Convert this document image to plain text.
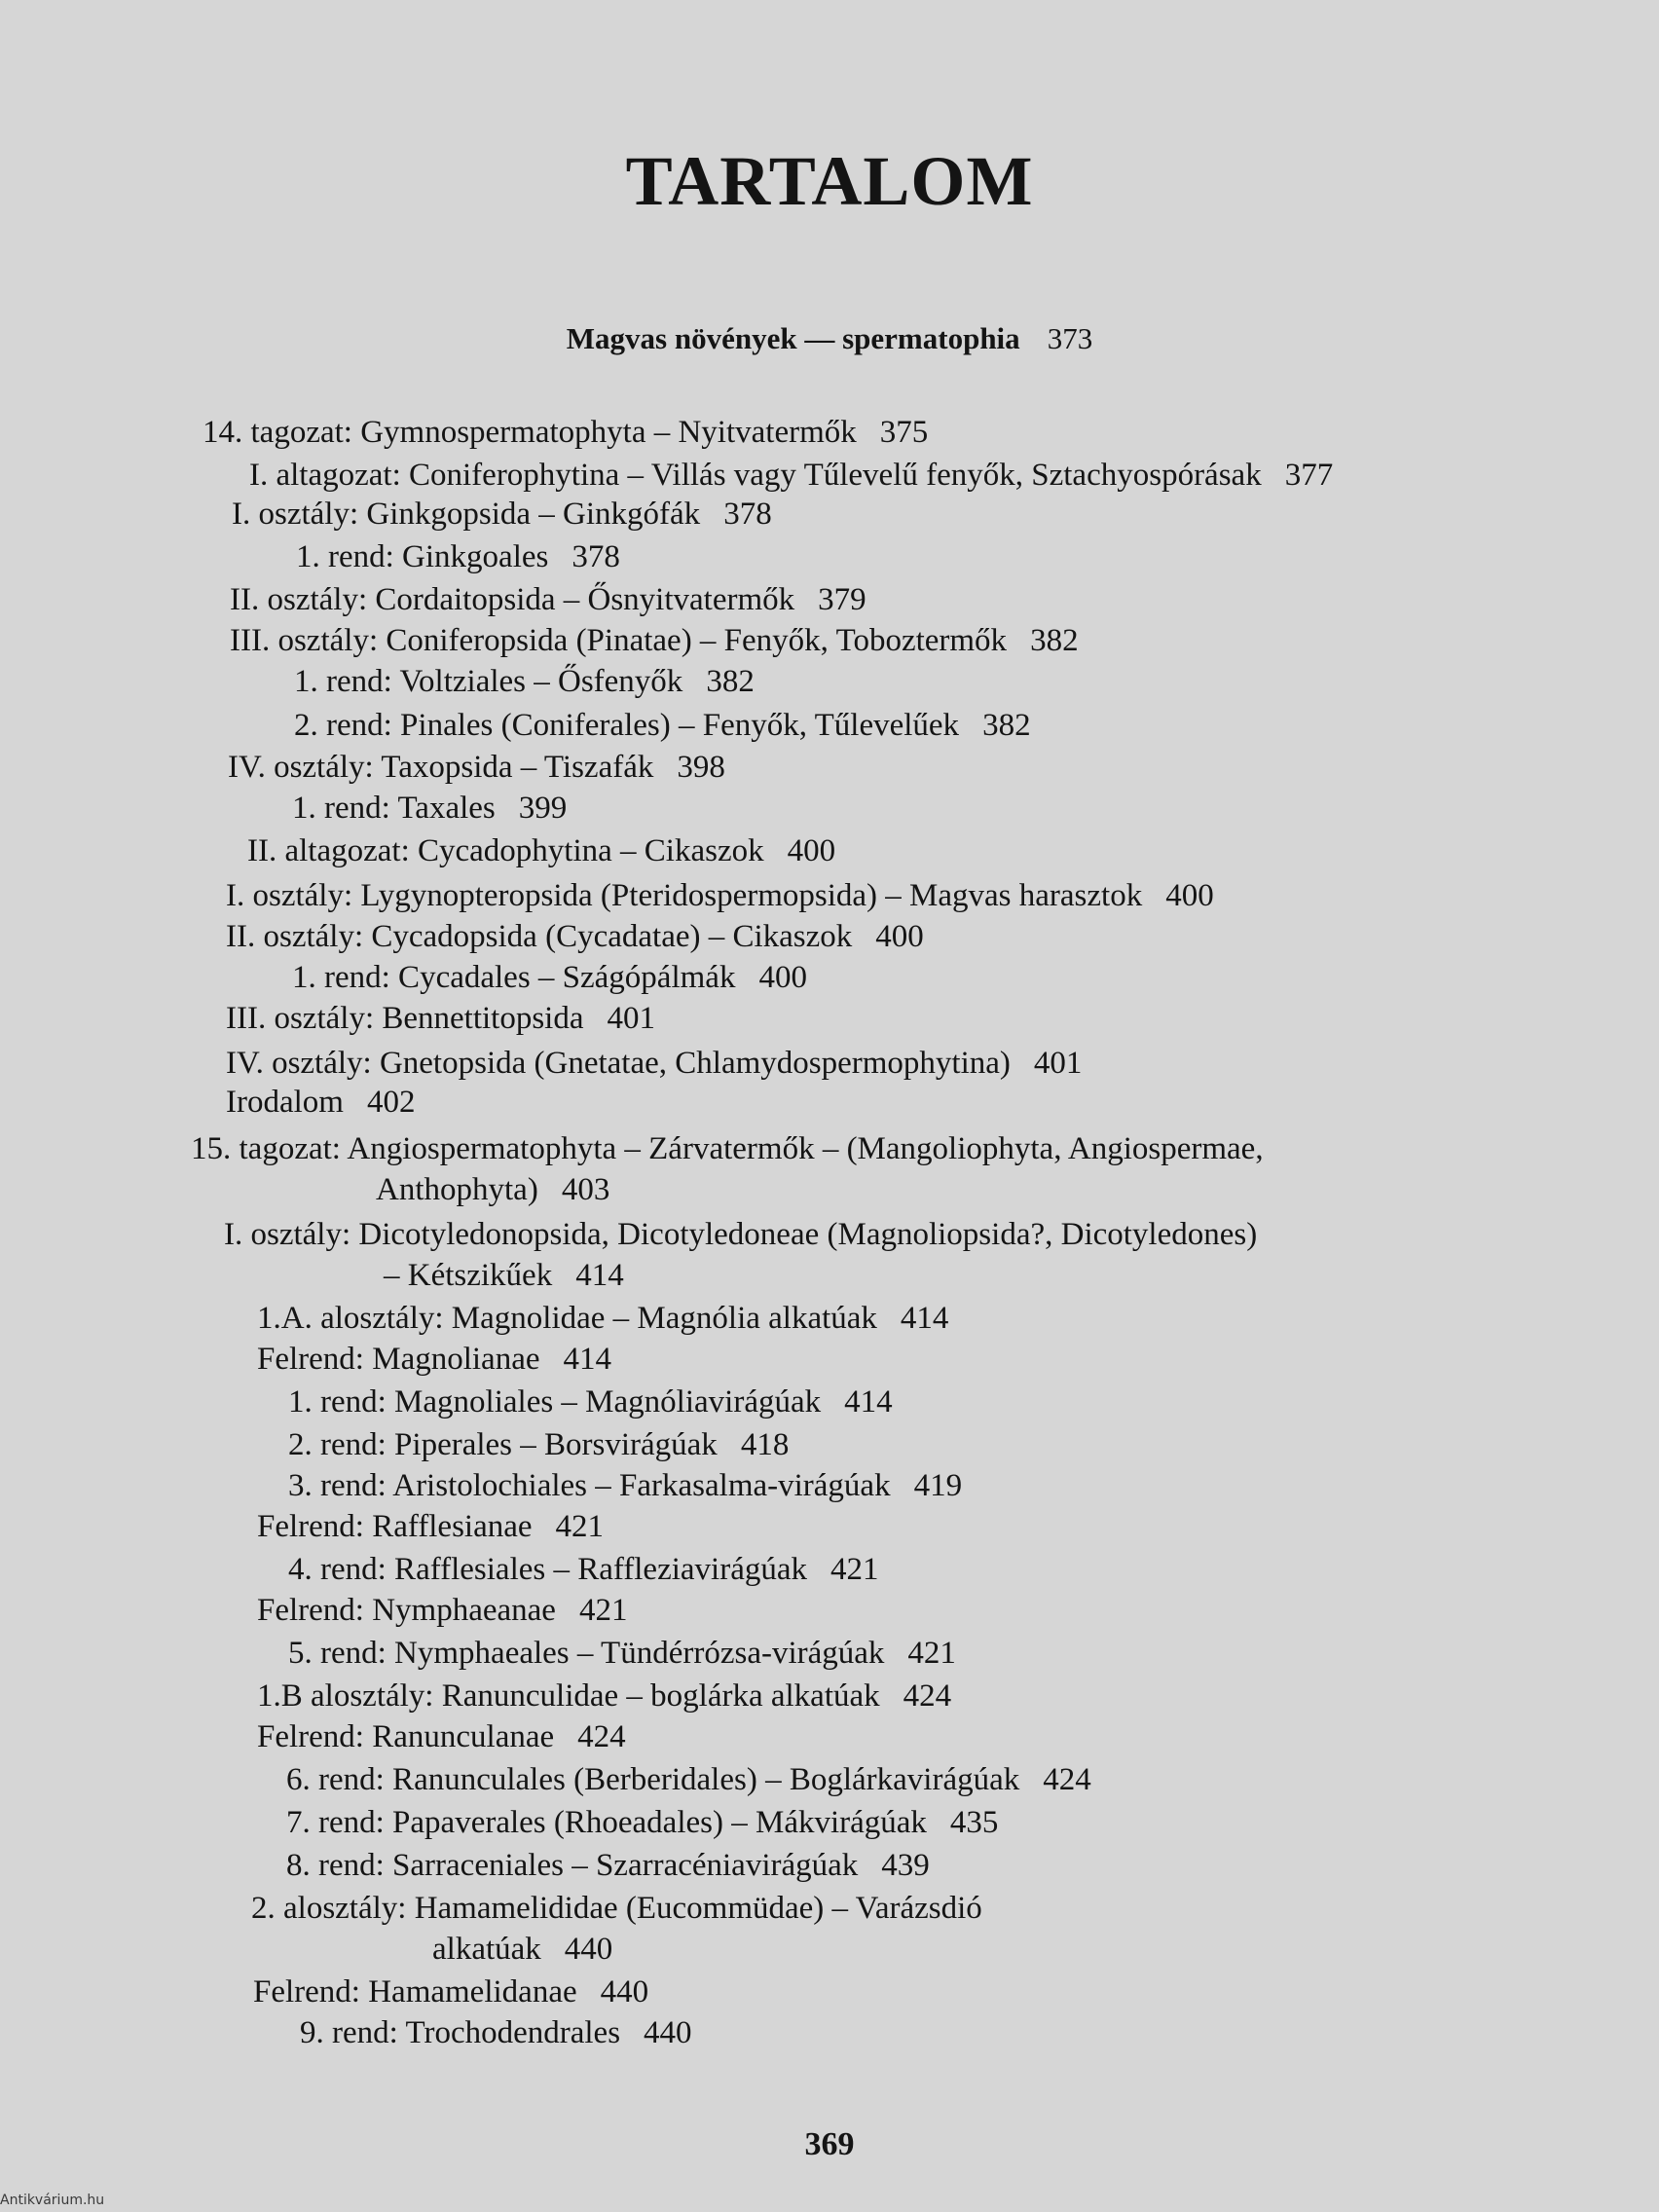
TARTALOM
Magvas növények — spermatophia 373
14. tagozat: Gymnospermatophyta – Nyitvatermők 375
I. altagozat: Coniferophytina – Villás vagy Tűlevelű fenyők, Sztachyospórásak 377
I. osztály: Ginkgopsida – Ginkgófák 378
1. rend: Ginkgoales 378
II. osztály: Cordaitopsida – Ősnyitvatermők 379
III. osztály: Coniferopsida (Pinatae) – Fenyők, Toboztermők 382
1. rend: Voltziales – Ősfenyők 382
2. rend: Pinales (Coniferales) – Fenyők, Tűlevelűek 382
IV. osztály: Taxopsida – Tiszafák 398
1. rend: Taxales 399
II. altagozat: Cycadophytina – Cikaszok 400
I. osztály: Lygynopteropsida (Pteridospermopsida) – Magvas harasztok 400
II. osztály: Cycadopsida (Cycadatae) – Cikaszok 400
1. rend: Cycadales – Szágópálmák 400
III. osztály: Bennettitopsida 401
IV. osztály: Gnetopsida (Gnetatae, Chlamydospermophytina) 401
Irodalom 402
15. tagozat: Angiospermatophyta – Zárvatermők – (Mangoliophyta, Angiospermae,
Anthophyta) 403
I. osztály: Dicotyledonopsida, Dicotyledoneae (Magnoliopsida?, Dicotyledones)
– Kétszikűek 414
1.A. alosztály: Magnolidae – Magnólia alkatúak 414
Felrend: Magnolianae 414
1. rend: Magnoliales – Magnóliavirágúak 414
2. rend: Piperales – Borsvirágúak 418
3. rend: Aristolochiales – Farkasalma-virágúak 419
Felrend: Rafflesianae 421
4. rend: Rafflesiales – Raffleziavirágúak 421
Felrend: Nymphaeanae 421
5. rend: Nymphaeales – Tündérrózsa-virágúak 421
1.B alosztály: Ranunculidae – boglárka alkatúak 424
Felrend: Ranunculanae 424
6. rend: Ranunculales (Berberidales) – Boglárkavirágúak 424
7. rend: Papaverales (Rhoeadales) – Mákvirágúak 435
8. rend: Sarraceniales – Szarracéniavirágúak 439
2. alosztály: Hamamelididae (Eucommüdae) – Varázsdió
alkatúak 440
Felrend: Hamamelidanae 440
9. rend: Trochodendrales 440
369
Antikvárium.hu
